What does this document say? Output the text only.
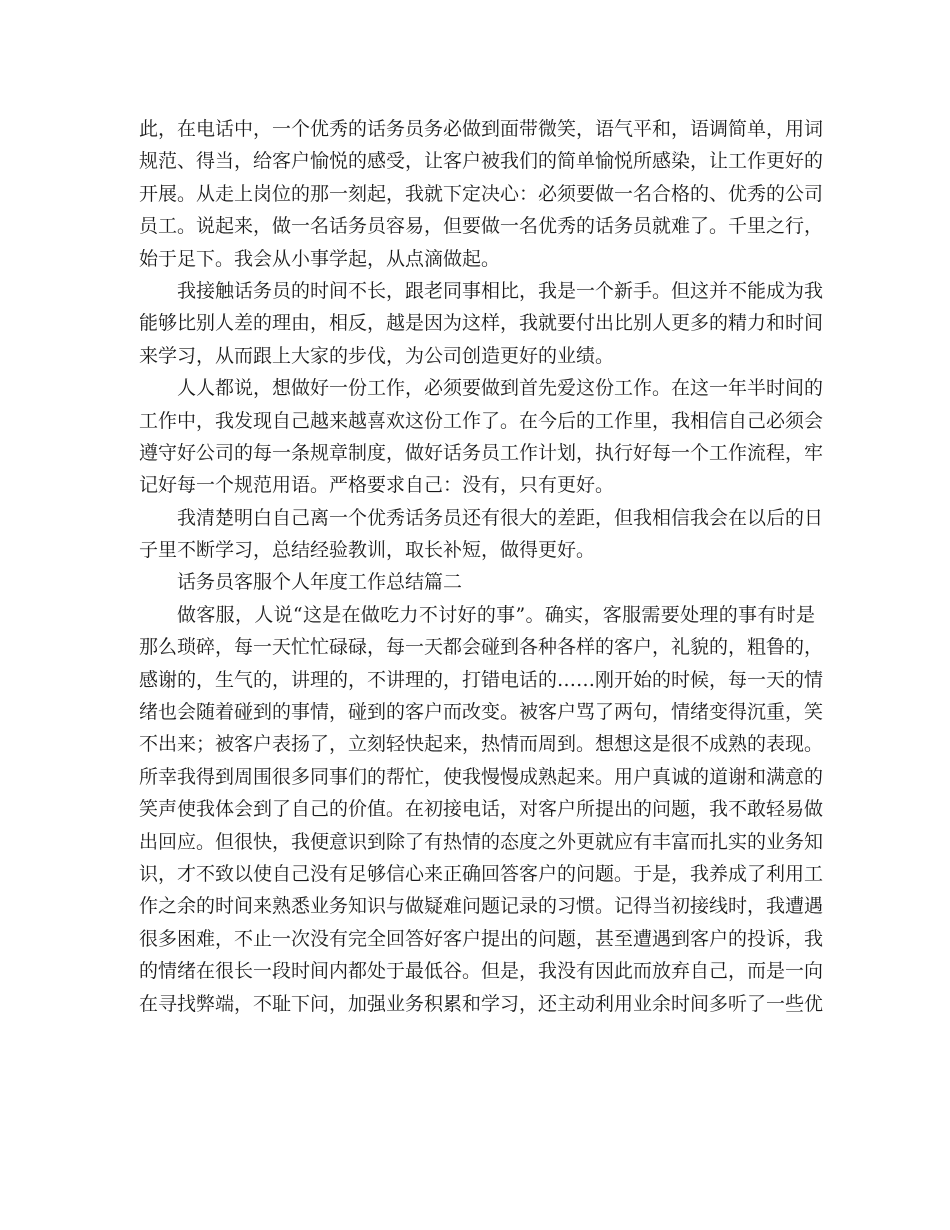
此，在电话中，一个优秀的话务员务必做到面带微笑，语气平和，语调简单，用词
规范、得当，给客户愉悦的感受，让客户被我们的简单愉悦所感染，让工作更好的
开展。从走上岗位的那一刻起，我就下定决心：必须要做一名合格的、优秀的公司
员工。说起来，做一名话务员容易，但要做一名优秀的话务员就难了。千里之行，
始于足下。我会从小事学起，从点滴做起。
我接触话务员的时间不长，跟老同事相比，我是一个新手。但这并不能成为我
能够比别人差的理由，相反，越是因为这样，我就要付出比别人更多的精力和时间
来学习，从而跟上大家的步伐，为公司创造更好的业绩。
人人都说，想做好一份工作，必须要做到首先爱这份工作。在这一年半时间的
工作中，我发现自己越来越喜欢这份工作了。在今后的工作里，我相信自己必须会
遵守好公司的每一条规章制度，做好话务员工作计划，执行好每一个工作流程，牢
记好每一个规范用语。严格要求自己：没有，只有更好。
我清楚明白自己离一个优秀话务员还有很大的差距，但我相信我会在以后的日
子里不断学习，总结经验教训，取长补短，做得更好。
话务员客服个人年度工作总结篇二
做客服，人说“这是在做吃力不讨好的事”。确实，客服需要处理的事有时是
那么琐碎，每一天忙忙碌碌，每一天都会碰到各种各样的客户，礼貌的，粗鲁的，
感谢的，生气的，讲理的，不讲理的，打错电话的……刚开始的时候，每一天的情
绪也会随着碰到的事情，碰到的客户而改变。被客户骂了两句，情绪变得沉重，笑
不出来；被客户表扬了，立刻轻快起来，热情而周到。想想这是很不成熟的表现。
所幸我得到周围很多同事们的帮忙，使我慢慢成熟起来。用户真诚的道谢和满意的
笑声使我体会到了自己的价值。在初接电话，对客户所提出的问题，我不敢轻易做
出回应。但很快，我便意识到除了有热情的态度之外更就应有丰富而扎实的业务知
识，才不致以使自己没有足够信心来正确回答客户的问题。于是，我养成了利用工
作之余的时间来熟悉业务知识与做疑难问题记录的习惯。记得当初接线时，我遭遇
很多困难，不止一次没有完全回答好客户提出的问题，甚至遭遇到客户的投诉，我
的情绪在很长一段时间内都处于最低谷。但是，我没有因此而放弃自己，而是一向
在寻找弊端，不耻下问，加强业务积累和学习，还主动利用业余时间多听了一些优
